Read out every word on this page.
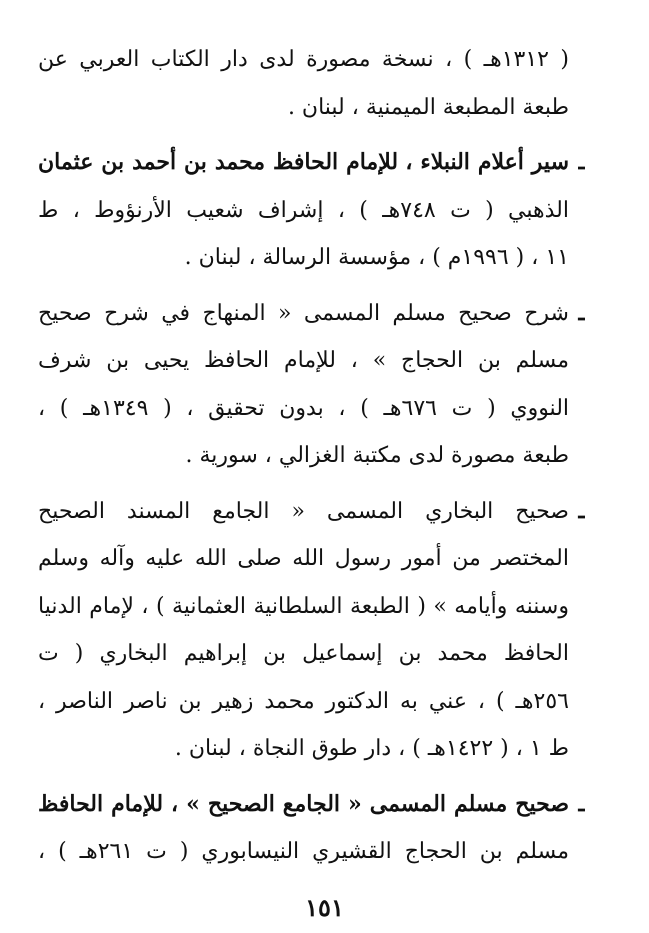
( ١٣١٢هـ ) ، نسخة مصورة لدى دار الكتاب العربي عن
طبعة المطبعة الميمنية ، لبنان .
ـسير أعلام النبلاء ، للإمام الحافظ محمد بن أحمد بن عثمان
الذهبي ( ت ٧٤٨هـ ) ، إشراف شعيب الأرنؤوط ، ط
١١ ، ( ١٩٩٦م ) ، مؤسسة الرسالة ، لبنان .
ـشرح صحيح مسلم المسمى « المنهاج في شرح صحيح
مسلم بن الحجاج » ، للإمام الحافظ يحيى بن شرف
النووي ( ت ٦٧٦هـ ) ، بدون تحقيق ، ( ١٣٤٩هـ ) ،
طبعة مصورة لدى مكتبة الغزالي ، سورية .
ـصحيح البخاري المسمى « الجامع المسند الصحيح
المختصر من أمور رسول الله صلى الله عليه وآله وسلم
وسننه وأيامه » ( الطبعة السلطانية العثمانية ) ، لإمام الدنيا
الحافظ محمد بن إسماعيل بن إبراهيم البخاري ( ت
٢٥٦هـ ) ، عني به الدكتور محمد زهير بن ناصر الناصر ،
ط ١ ، ( ١٤٢٢هـ ) ، دار طوق النجاة ، لبنان .
ـصحيح مسلم المسمى « الجامع الصحيح » ، للإمام الحافظ
مسلم بن الحجاج القشيري النيسابوري ( ت ٢٦١هـ ) ،
١٥١
